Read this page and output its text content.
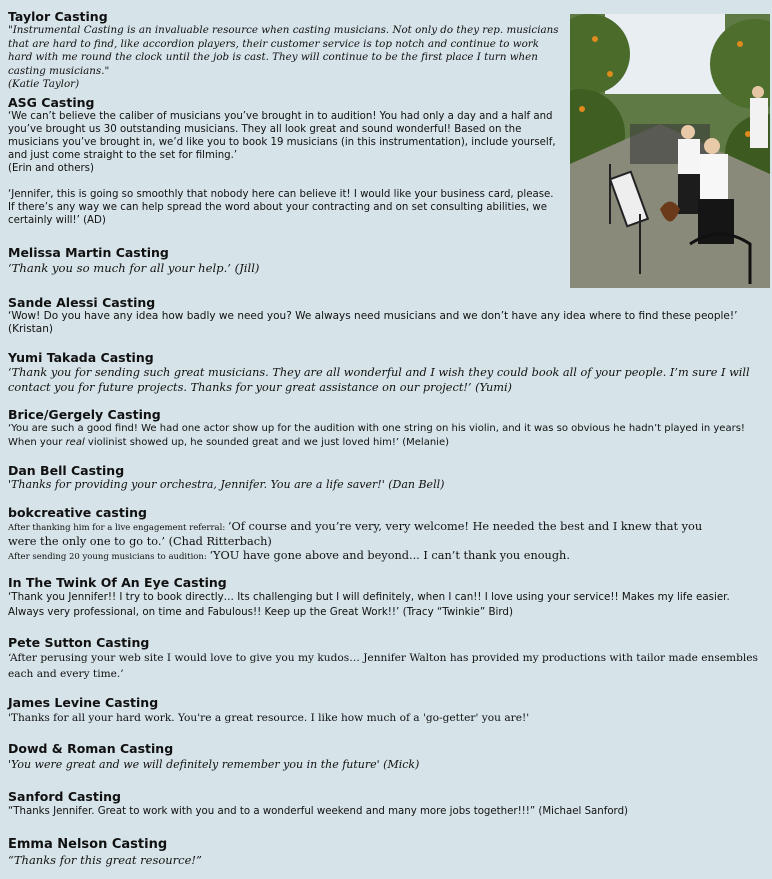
Taylor Casting

"Instrumental Casting is an invaluable resource when casting musicians. Not only do they rep. musicians that are hard to find, like accordion players, their customer service is top notch and continue to work hard with me round the clock until the job is cast. They will continue to be the first place I turn when casting musicians."

(Katie Taylor)

ASG Casting

‘We can’t believe the caliber of musicians you’ve brought in to audition! You had only a day and a half and you’ve brought us 30 outstanding musicians. They all look great and sound wonderful! Based on the musicians you’ve brought in, we’d like you to book 19 musicians (in this instrumentation), include yourself, and just come straight to the set for filming.’

(Erin and others)

‘Jennifer, this is going so smoothly that nobody here can believe it! I would like your business card, please. If there’s any way we can help spread the word about your contracting and on set consulting abilities, we certainly will!’ (AD)

Melissa Martin Casting

‘Thank you so much for all your help.’ (Jill)

Sande Alessi Casting

‘Wow! Do you have any idea how badly we need you? We always need musicians and we don’t have any idea where to find these people!’ (Kristan)

Yumi Takada Casting

‘Thank you for sending such great musicians. They are all wonderful and I wish they could book all of your people. I’m sure I will contact you for future projects. Thanks for your great assistance on our project!’ (Yumi)

Brice/Gergely Casting

‘You are such a good find! We had one actor show up for the audition with one string on his violin, and it was so obvious he hadn’t played in years! When your real violinist showed up, he sounded great and we just loved him!’ (Melanie)

Dan Bell Casting

'Thanks for providing your orchestra, Jennifer. You are a life saver!' (Dan Bell)

bokcreative casting

After thanking him for a live engagement referral: ‘Of course and you’re very, very welcome! He needed the best and I knew that you were the only one to go to.’ (Chad Ritterbach)

After sending 20 young musicians to audition: ‘YOU have gone above and beyond... I can’t thank you enough.

In The Twink Of An Eye Casting

‘Thank you Jennifer!! I try to book directly… Its challenging but I will definitely, when I can!! I love using your service!! Makes my life easier. Always very professional, on time and Fabulous!! Keep up the Great Work!!’ (Tracy “Twinkie” Bird)

Pete Sutton Casting

‘After perusing your web site I would love to give you my kudos… Jennifer Walton has provided my productions with tailor made ensembles each and every time.’

James Levine Casting

'Thanks for all your hard work. You're a great resource. I like how much of a 'go-getter' you are!'

Dowd & Roman Casting

'You were great and we will definitely remember you in the future' (Mick)

Sanford Casting

“Thanks Jennifer. Great to work with you and to a wonderful weekend and many more jobs together!!!” (Michael Sanford)

Emma Nelson Casting

“Thanks for this great resource!”
